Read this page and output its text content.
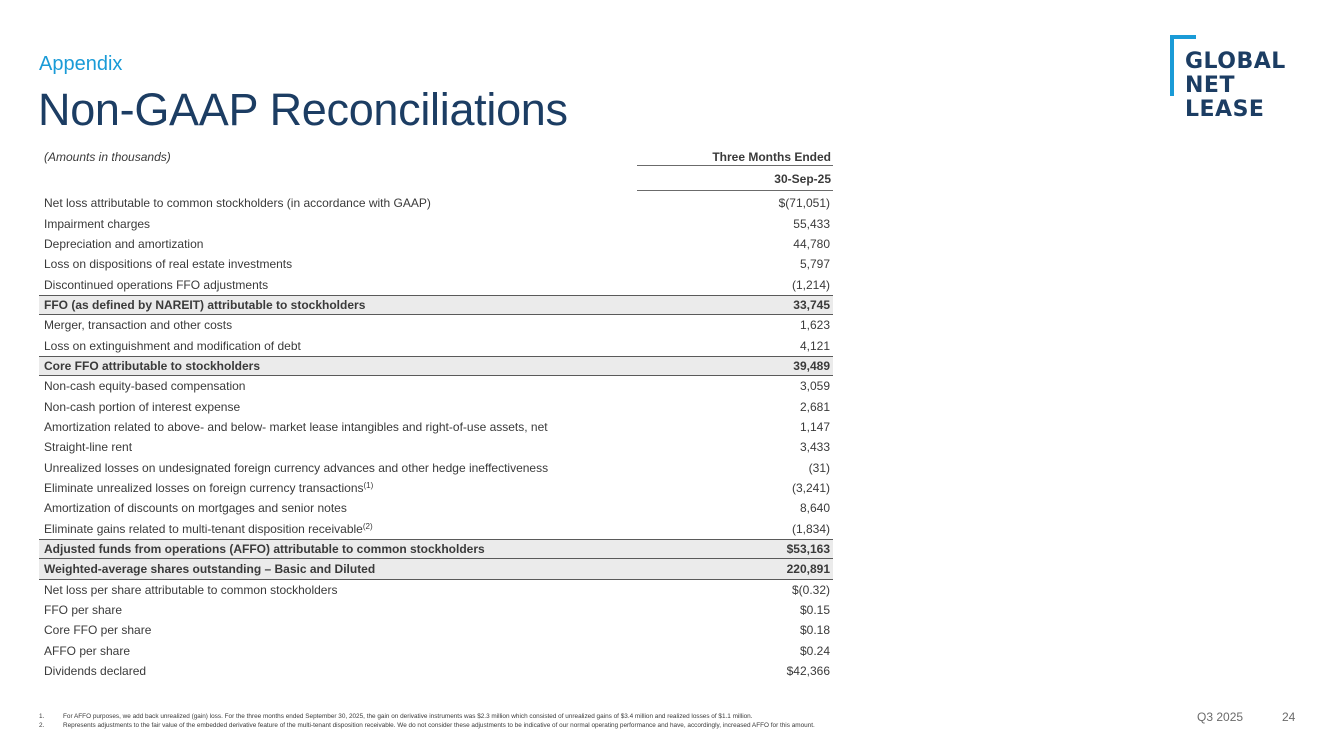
Appendix
Non-GAAP Reconciliations
GLOBAL
NET
LEASE
(Amounts in thousands)	Three Months Ended
30-Sep-25
Net loss attributable to common stockholders (in accordance with GAAP)	$(71,051)
Impairment charges	55,433
Depreciation and amortization	44,780
Loss on dispositions of real estate investments	5,797
Discontinued operations FFO adjustments	(1,214)
FFO (as defined by NAREIT) attributable to stockholders	33,745
Merger, transaction and other costs	1,623
Loss on extinguishment and modification of debt	4,121
Core FFO attributable to stockholders	39,489
Non-cash equity-based compensation	3,059
Non-cash portion of interest expense	2,681
Amortization related to above- and below- market lease intangibles and right-of-use assets, net	1,147
Straight-line rent	3,433
Unrealized losses on undesignated foreign currency advances and other hedge ineffectiveness	(31)
Eliminate unrealized losses on foreign currency transactions$^{(1)}$	(3,241)
Amortization of discounts on mortgages and senior notes	8,640
Eliminate gains related to multi-tenant disposition receivable$^{(2)}$	(1,834)
Adjusted funds from operations (AFFO) attributable to common stockholders	$53,163
Weighted-average shares outstanding – Basic and Diluted	220,891
Net loss per share attributable to common stockholders	$(0.32)
FFO per share	$0.15
Core FFO per share	$0.18
AFFO per share	$0.24
Dividends declared	$42,366
1.	For AFFO purposes, we add back unrealized (gain) loss. For the three months ended September 30, 2025, the gain on derivative instruments was $2.3 million which consisted of unrealized gains of $3.4 million and realized losses of $1.1 million.
2.	Represents adjustments to the fair value of the embedded derivative feature of the multi-tenant disposition receivable. We do not consider these adjustments to be indicative of our normal operating performance and have, accordingly, increased AFFO for this amount.
Q3 2025	24
